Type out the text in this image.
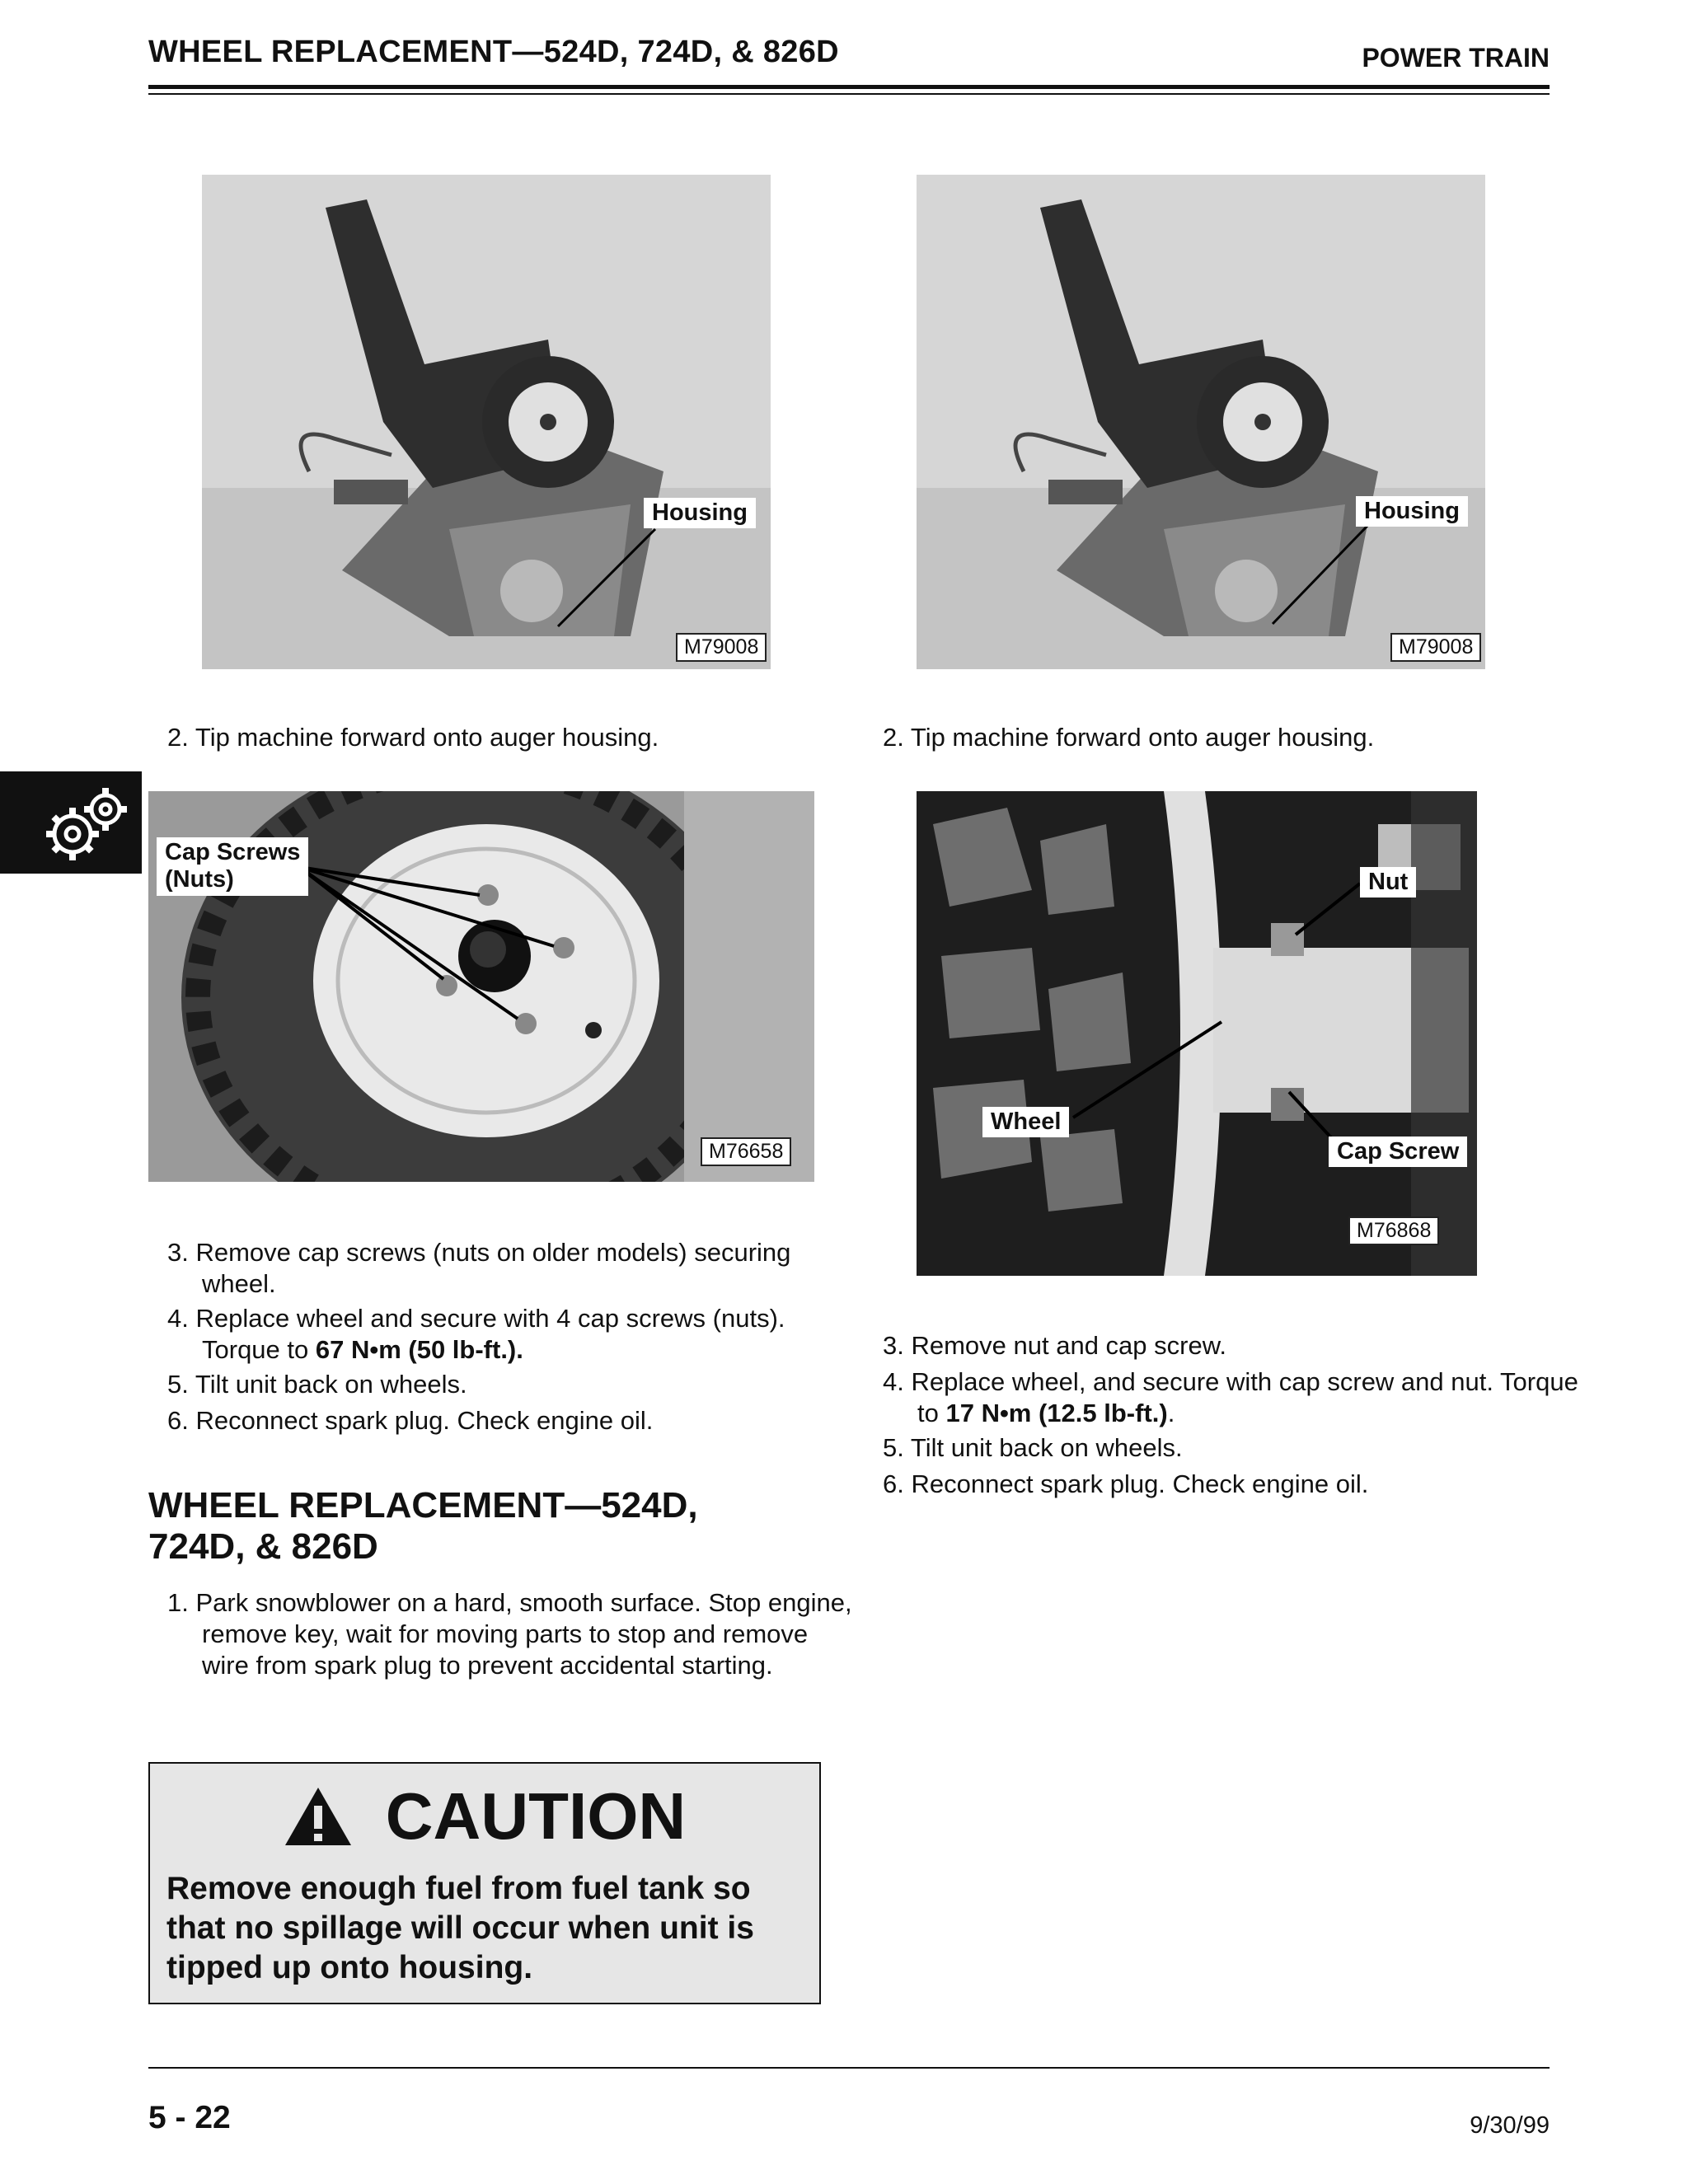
WHEEL REPLACEMENT—524D, 724D, & 826D	POWER TRAIN
Housing
M79008
Housing
M79008
2. Tip machine forward onto auger housing.	2. Tip machine forward onto auger housing.
Cap Screws
(Nuts)
M76658
Nut
Wheel
Cap Screw
M76868
3. Remove cap screws (nuts on older models) securing wheel.
4. Replace wheel and secure with 4 cap screws (nuts). Torque to 67 N•m (50 lb-ft.).
5. Tilt unit back on wheels.
6. Reconnect spark plug. Check engine oil.
WHEEL REPLACEMENT—524D, 724D, & 826D
1. Park snowblower on a hard, smooth surface. Stop engine, remove key, wait for moving parts to stop and remove wire from spark plug to prevent accidental starting.
CAUTION
Remove enough fuel from fuel tank so that no spillage will occur when unit is tipped up onto housing.
3. Remove nut and cap screw.
4. Replace wheel, and secure with cap screw and nut. Torque to 17 N•m (12.5 lb-ft.).
5. Tilt unit back on wheels.
6. Reconnect spark plug. Check engine oil.
5 - 22	9/30/99
